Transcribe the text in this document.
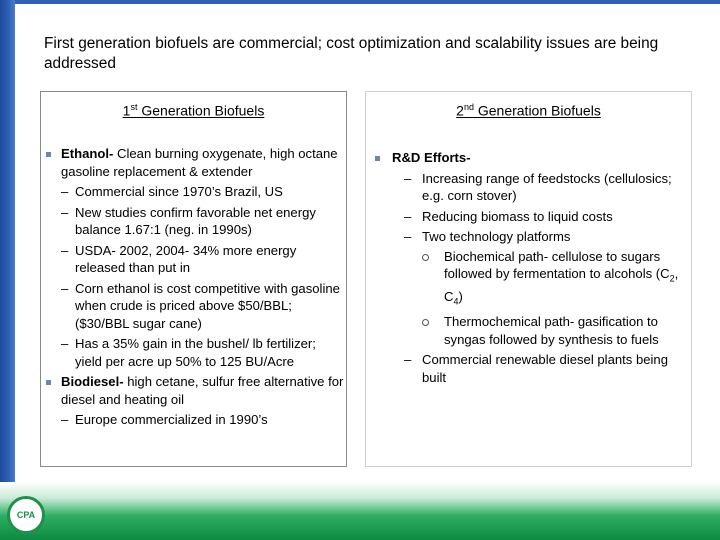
First generation biofuels are commercial; cost optimization and scalability issues are being addressed
1st Generation Biofuels
Ethanol- Clean burning oxygenate, high octane gasoline replacement & extender
– Commercial since 1970’s Brazil, US
– New studies confirm favorable net energy balance 1.67:1 (neg. in 1990s)
– USDA- 2002, 2004- 34% more energy released than put in
– Corn ethanol is cost competitive with gasoline when crude is priced above $50/BBL; ($30/BBL sugar cane)
– Has a 35% gain in the bushel/ lb fertilizer; yield per acre up 50% to 125 BU/Acre
Biodiesel- high cetane, sulfur free alternative for diesel and heating oil
– Europe commercialized in 1990’s
2nd Generation Biofuels
R&D Efforts-
– Increasing range of feedstocks (cellulosics; e.g. corn stover)
– Reducing biomass to liquid costs
– Two technology platforms
Biochemical path- cellulose to sugars followed by fermentation to alcohols ($C_2$, $C_4$)
Thermochemical path- gasification to syngas followed by synthesis to fuels
– Commercial renewable diesel plants being built
CPA
